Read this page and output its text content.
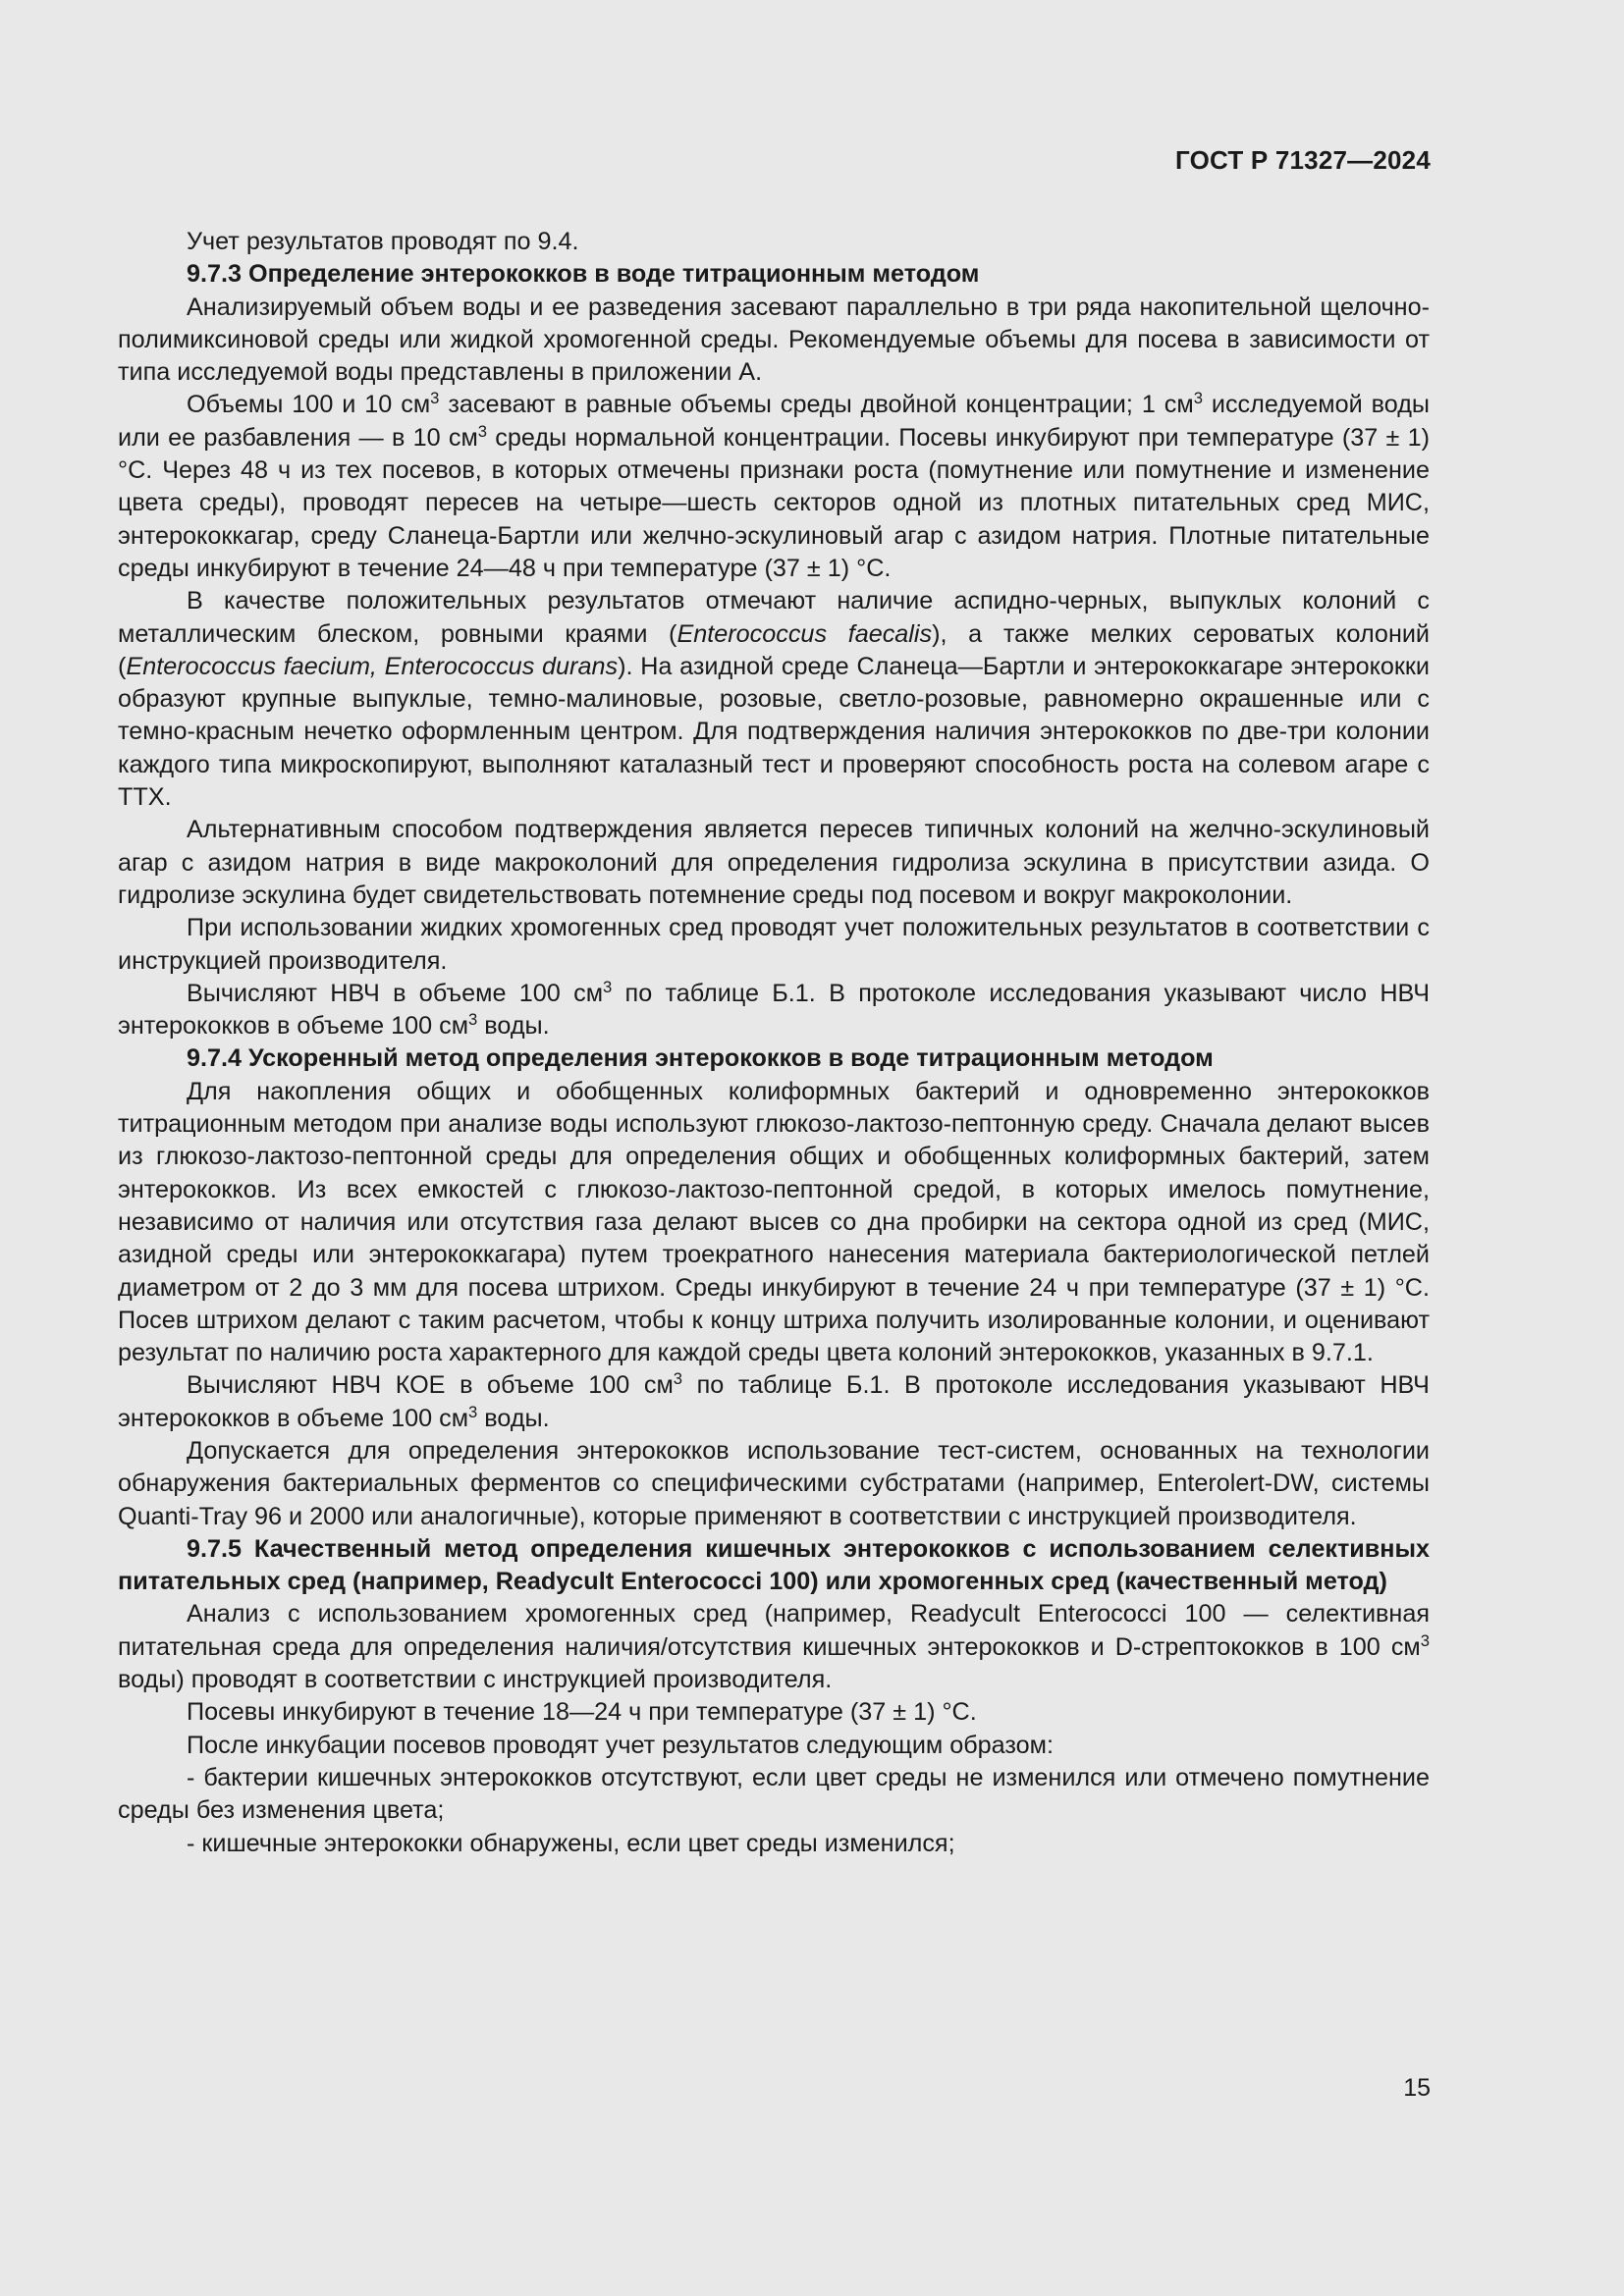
ГОСТ Р 71327—2024

Учет результатов проводят по 9.4.

9.7.3 Определение энтерококков в воде титрационным методом

Анализируемый объем воды и ее разведения засевают параллельно в три ряда накопительной щелочно-полимиксиновой среды или жидкой хромогенной среды. Рекомендуемые объемы для посева в зависимости от типа исследуемой воды представлены в приложении А.

Объемы 100 и 10 $см^3$ засевают в равные объемы среды двойной концентрации; 1 $см^3$ исследуемой воды или ее разбавления — в 10 $см^3$ среды нормальной концентрации. Посевы инкубируют при температуре (37 ± 1) °С. Через 48 ч из тех посевов, в которых отмечены признаки роста (помутнение или помутнение и изменение цвета среды), проводят пересев на четыре—шесть секторов одной из плотных питательных сред МИС, энтерококкагар, среду Сланеца-Бартли или желчно-эскулиновый агар с азидом натрия. Плотные питательные среды инкубируют в течение 24—48 ч при температуре (37 ± 1) °С.

В качестве положительных результатов отмечают наличие аспидно-черных, выпуклых колоний с металлическим блеском, ровными краями (Enterococcus faecalis), а также мелких сероватых колоний (Enterococcus faecium, Enterococcus durans). На азидной среде Сланеца—Бартли и энтерококкагаре энтерококки образуют крупные выпуклые, темно-малиновые, розовые, светло-розовые, равномерно окрашенные или с темно-красным нечетко оформленным центром. Для подтверждения наличия энтерококков по две-три колонии каждого типа микроскопируют, выполняют каталазный тест и проверяют способность роста на солевом агаре с ТТХ.

Альтернативным способом подтверждения является пересев типичных колоний на желчно-эскулиновый агар с азидом натрия в виде макроколоний для определения гидролиза эскулина в присутствии азида. О гидролизе эскулина будет свидетельствовать потемнение среды под посевом и вокруг макроколонии.

При использовании жидких хромогенных сред проводят учет положительных результатов в соответствии с инструкцией производителя.

Вычисляют НВЧ в объеме 100 $см^3$ по таблице Б.1. В протоколе исследования указывают число НВЧ энтерококков в объеме 100 $см^3$ воды.

9.7.4 Ускоренный метод определения энтерококков в воде титрационным методом

Для накопления общих и обобщенных колиформных бактерий и одновременно энтерококков титрационным методом при анализе воды используют глюкозо-лактозо-пептонную среду. Сначала делают высев из глюкозо-лактозо-пептонной среды для определения общих и обобщенных колиформных бактерий, затем энтерококков. Из всех емкостей с глюкозо-лактозо-пептонной средой, в которых имелось помутнение, независимо от наличия или отсутствия газа делают высев со дна пробирки на сектора одной из сред (МИС, азидной среды или энтерококкагара) путем троекратного нанесения материала бактериологической петлей диаметром от 2 до 3 мм для посева штрихом. Среды инкубируют в течение 24 ч при температуре (37 ± 1) °С. Посев штрихом делают с таким расчетом, чтобы к концу штриха получить изолированные колонии, и оценивают результат по наличию роста характерного для каждой среды цвета колоний энтерококков, указанных в 9.7.1.

Вычисляют НВЧ КОЕ в объеме 100 $см^3$ по таблице Б.1. В протоколе исследования указывают НВЧ энтерококков в объеме 100 $см^3$ воды.

Допускается для определения энтерококков использование тест-систем, основанных на технологии обнаружения бактериальных ферментов со специфическими субстратами (например, Enterolert-DW, системы Quanti-Tray 96 и 2000 или аналогичные), которые применяют в соответствии с инструкцией производителя.

9.7.5 Качественный метод определения кишечных энтерококков с использованием селективных питательных сред (например, Readycult Enterococci 100) или хромогенных сред (качественный метод)

Анализ с использованием хромогенных сред (например, Readycult Enterococci 100 — селективная питательная среда для определения наличия/отсутствия кишечных энтерококков и D-стрептококков в 100 $см^3$ воды) проводят в соответствии с инструкцией производителя.

Посевы инкубируют в течение 18—24 ч при температуре (37 ± 1) °С.

После инкубации посевов проводят учет результатов следующим образом:

- бактерии кишечных энтерококков отсутствуют, если цвет среды не изменился или отмечено помутнение среды без изменения цвета;

- кишечные энтерококки обнаружены, если цвет среды изменился;

15
